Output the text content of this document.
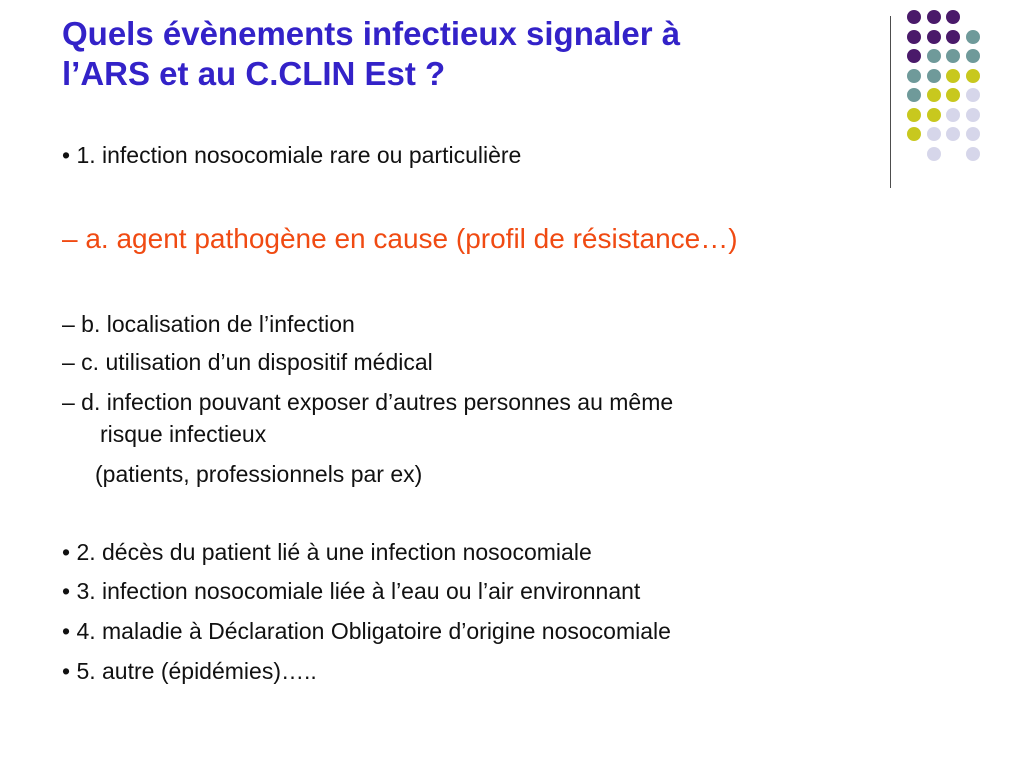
Quels évènements infectieux signaler à
l’ARS et au C.CLIN Est ?
• 1. infection nosocomiale rare ou particulière
– a. agent pathogène en cause (profil de résistance…)
– b. localisation de l’infection
– c. utilisation d’un dispositif médical
– d. infection pouvant exposer d’autres personnes au même
risque infectieux
(patients, professionnels par ex)
• 2. décès du patient lié à une infection nosocomiale
• 3. infection nosocomiale liée à l’eau ou l’air environnant
• 4. maladie à Déclaration Obligatoire d’origine nosocomiale
• 5. autre (épidémies)…..
